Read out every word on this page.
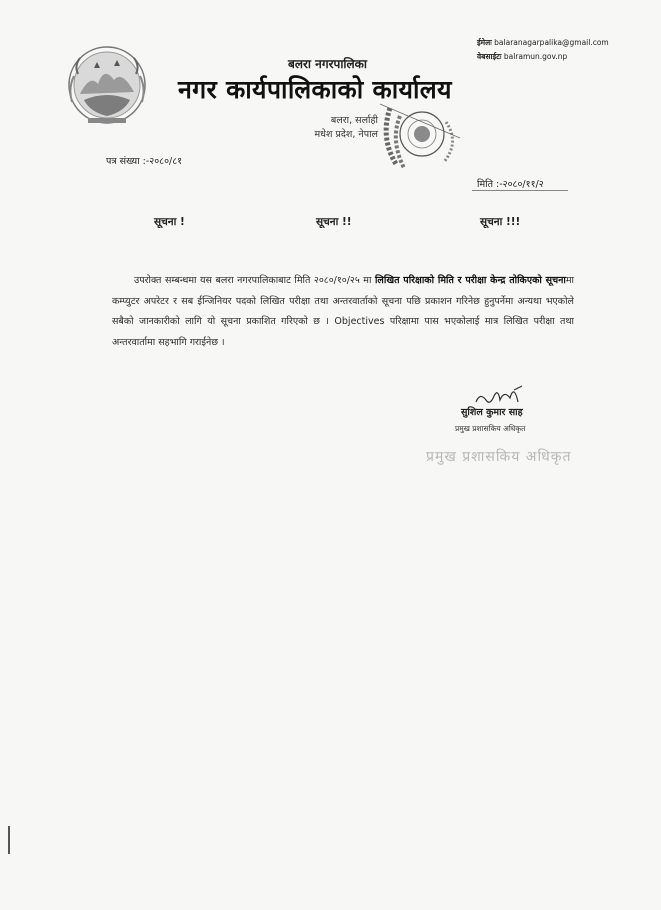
बलरा नगरपालिका
नगर कार्यपालिकाको कार्यालय
बलरा, सर्लाही
मधेश प्रदेश, नेपाल
ईमेलः balaranagarpalika@gmail.com
वेबसाईटः balramun.gov.np
पत्र संख्या :-२०८०/८१
मिति :-२०८०/११/२
सूचना !	सूचना !!	सूचना !!!
उपरोक्त सम्बन्धमा यस बलरा नगरपालिकाबाट मिति २०८०/१०/२५ मा लिखित परिक्षाको मिति र परीक्षा केन्द्र तोकिएको सूचनामा कम्प्युटर अपरेटर र सब ईन्जिनियर पदको लिखित परीक्षा तथा अन्तरवार्ताको सूचना पछि प्रकाशन गरिनेछ हुनुपर्नेमा अन्यथा भएकोले सबैको जानकारीको लागि यो सूचना प्रकाशित गरिएको छ । Objectives परिक्षामा पास भएकोलाई मात्र लिखित परीक्षा तथा अन्तरवार्तामा सहभागि गराईनेछ ।
सुशिल कुमार साह
प्रमुख प्रशासकिय अधिकृत
प्रमुख प्रशासकिय अधिकृत
